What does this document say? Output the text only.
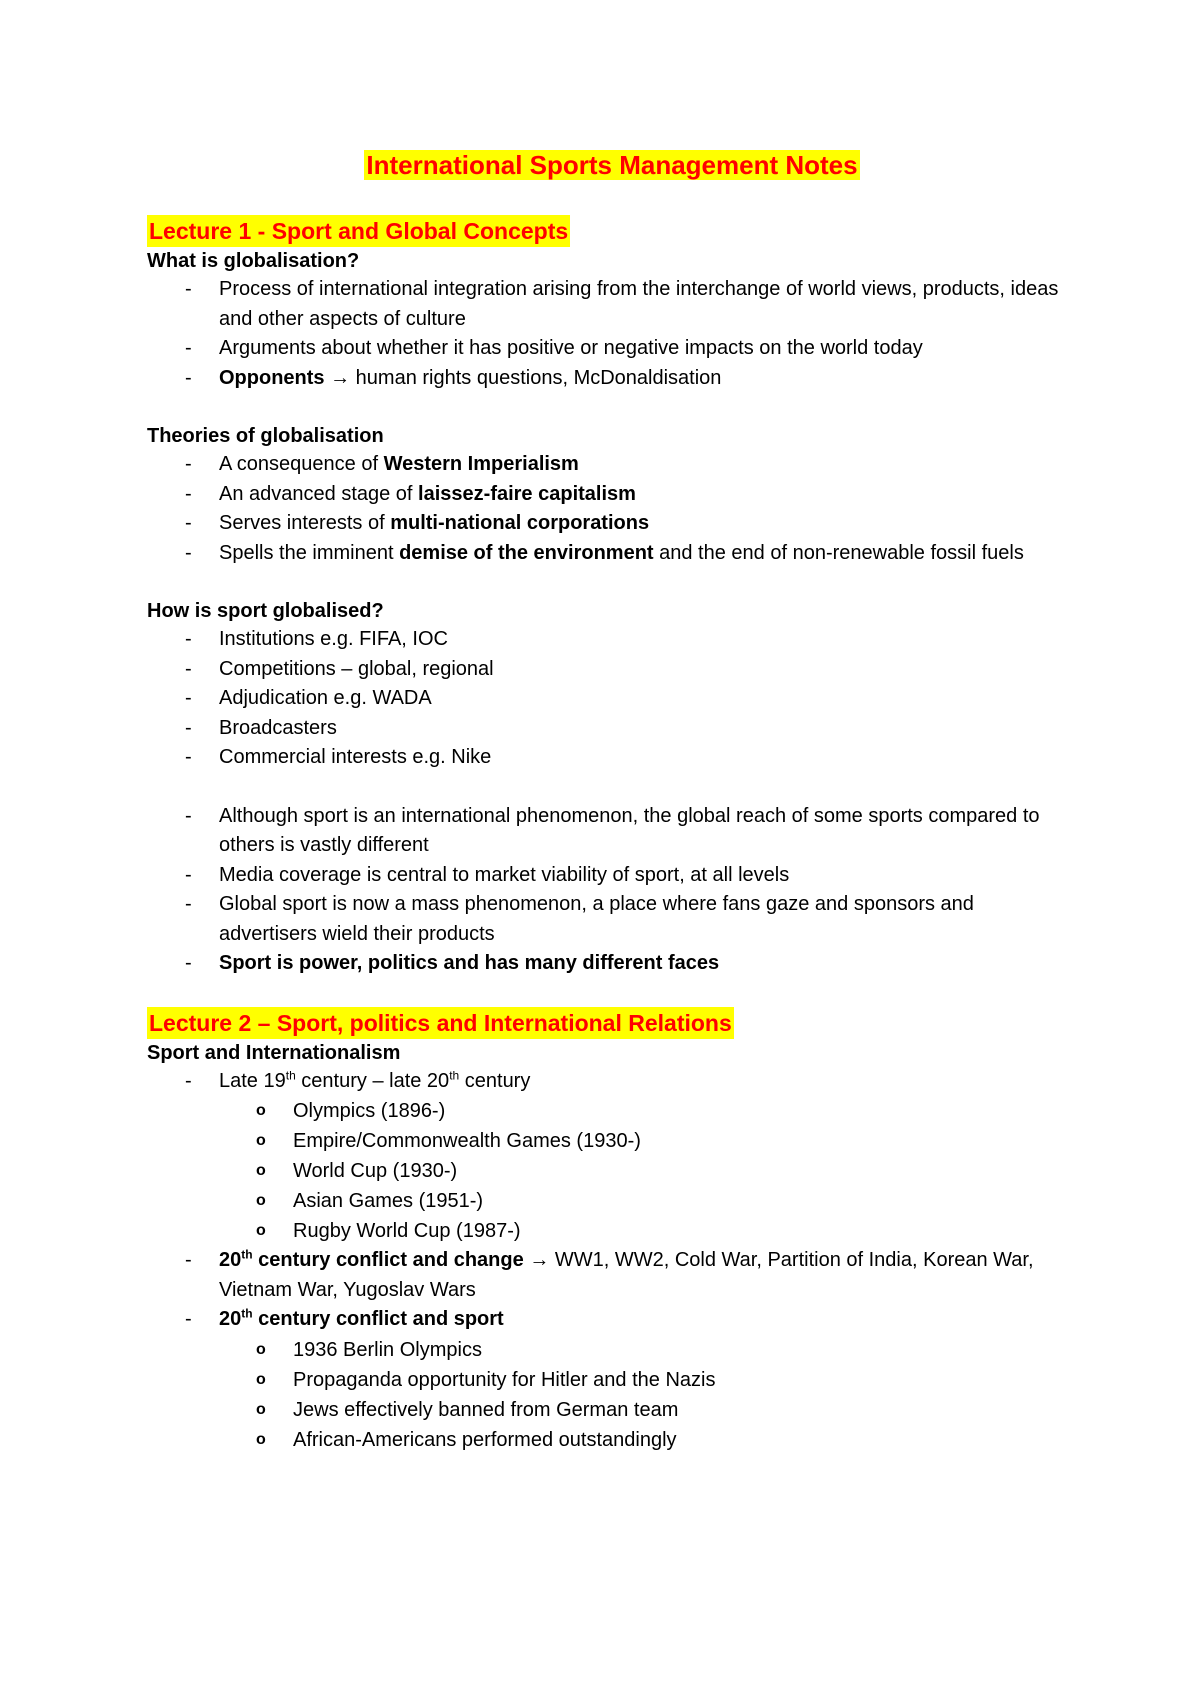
International Sports Management Notes
Lecture 1 - Sport and Global Concepts
What is globalisation?
- Process of international integration arising from the interchange of world views, products, ideas and other aspects of culture
- Arguments about whether it has positive or negative impacts on the world today
- Opponents → human rights questions, McDonaldisation
Theories of globalisation
- A consequence of Western Imperialism
- An advanced stage of laissez-faire capitalism
- Serves interests of multi-national corporations
- Spells the imminent demise of the environment and the end of non-renewable fossil fuels
How is sport globalised?
- Institutions e.g. FIFA, IOC
- Competitions – global, regional
- Adjudication e.g. WADA
- Broadcasters
- Commercial interests e.g. Nike
- Although sport is an international phenomenon, the global reach of some sports compared to others is vastly different
- Media coverage is central to market viability of sport, at all levels
- Global sport is now a mass phenomenon, a place where fans gaze and sponsors and advertisers wield their products
- Sport is power, politics and has many different faces
Lecture 2 – Sport, politics and International Relations
Sport and Internationalism
- Late 19th century – late 20th century
o Olympics (1896-)
o Empire/Commonwealth Games (1930-)
o World Cup (1930-)
o Asian Games (1951-)
o Rugby World Cup (1987-)
- 20th century conflict and change → WW1, WW2, Cold War, Partition of India, Korean War, Vietnam War, Yugoslav Wars
- 20th century conflict and sport
o 1936 Berlin Olympics
o Propaganda opportunity for Hitler and the Nazis
o Jews effectively banned from German team
o African-Americans performed outstandingly
